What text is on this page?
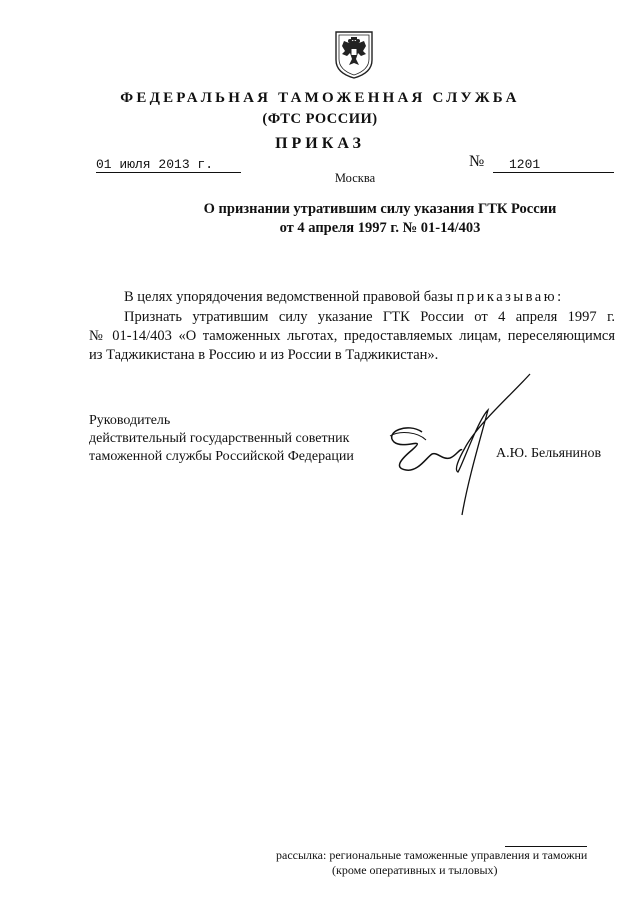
ФЕДЕРАЛЬНАЯ ТАМОЖЕННАЯ СЛУЖБА
(ФТС РОССИИ)
ПРИКАЗ
01 июля 2013 г.	№	1201
Москва
О признании утратившим силу указания ГТК России
от 4 апреля 1997 г. № 01-14/403
В целях упорядочения ведомственной правовой базы приказываю:
Признать утратившим силу указание ГТК России от 4 апреля 1997 г.
№ 01-14/403 «О таможенных льготах, предоставляемых лицам, переселяющимся
из Таджикистана в Россию и из России в Таджикистан».
Руководитель
действительный государственный советник
таможенной службы Российской Федерации	А.Ю. Бельянинов
рассылка: региональные таможенные управления и таможни
(кроме оперативных и тыловых)
